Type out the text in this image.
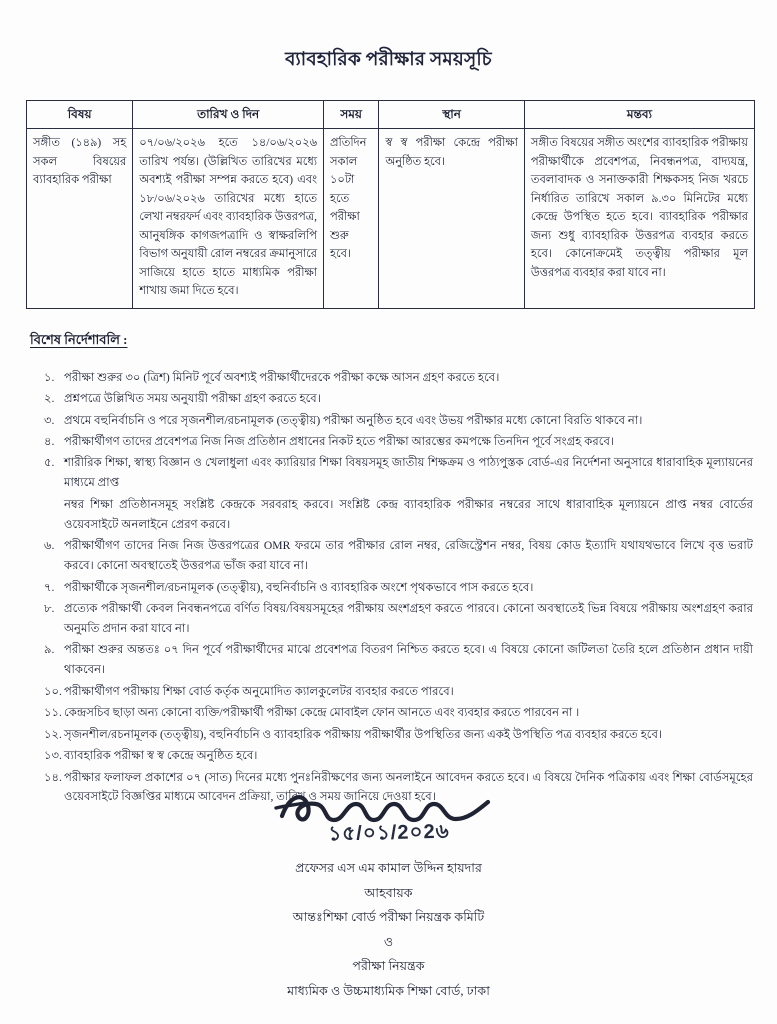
ব্যাবহারিক পরীক্ষার সময়সূচি
বিষয়	তারিখ ও দিন	সময়	স্থান	মন্তব্য
সঙ্গীত (১৪৯) সহ সকল বিষয়ের ব্যাবহারিক পরীক্ষা	০৭/০৬/২০২৬ হতে ১৪/০৬/২০২৬ তারিখ পর্যন্ত। (উল্লিখিত তারিখের মধ্যে অবশ্যই পরীক্ষা সম্পন্ন করতে হবে) এবং ১৮/০৬/২০২৬ তারিখের মধ্যে হাতে লেখা নম্বরফর্দ এবং ব্যাবহারিক উত্তরপত্র, আনুষঙ্গিক কাগজপত্রাদি ও স্বাক্ষরলিপি বিভাগ অনুযায়ী রোল নম্বরের ক্রমানুসারে সাজিয়ে হাতে হাতে মাধ্যমিক পরীক্ষা শাখায় জমা দিতে হবে।	প্রতিদিন সকাল ১০টা হতে পরীক্ষা শুরু হবে।	স্ব স্ব পরীক্ষা কেন্দ্রে পরীক্ষা অনুষ্ঠিত হবে।	সঙ্গীত বিষয়ের সঙ্গীত অংশের ব্যাবহারিক পরীক্ষায় পরীক্ষার্থীকে প্রবেশপত্র, নিবন্ধনপত্র, বাদ্যযন্ত্র, তবলাবাদক ও সনাক্তকারী শিক্ষকসহ নিজ খরচে নির্ধারিত তারিখে সকাল ৯.৩০ মিনিটের মধ্যে কেন্দ্রে উপস্থিত হতে হবে। ব্যাবহারিক পরীক্ষার জন্য শুধু ব্যাবহারিক উত্তরপত্র ব্যবহার করতে হবে। কোনোক্রমেই তত্ত্বীয় পরীক্ষার মূল উত্তরপত্র ব্যবহার করা যাবে না।
বিশেষ নির্দেশাবলি :
১. পরীক্ষা শুরুর ৩০ (ত্রিশ) মিনিট পূর্বে অবশ্যই পরীক্ষার্থীদেরকে পরীক্ষা কক্ষে আসন গ্রহণ করতে হবে।
২. প্রশ্নপত্রে উল্লিখিত সময় অনুযায়ী পরীক্ষা গ্রহণ করতে হবে।
৩. প্রথমে বহুনির্বাচনি ও পরে সৃজনশীল/রচনামূলক (তত্ত্বীয়) পরীক্ষা অনুষ্ঠিত হবে এবং উভয় পরীক্ষার মধ্যে কোনো বিরতি থাকবে না।
৪. পরীক্ষার্থীগণ তাদের প্রবেশপত্র নিজ নিজ প্রতিষ্ঠান প্রধানের নিকট হতে পরীক্ষা আরম্ভের কমপক্ষে তিনদিন পূর্বে সংগ্রহ করবে।
৫. শারীরিক শিক্ষা, স্বাস্থ্য বিজ্ঞান ও খেলাধুলা এবং ক্যারিয়ার শিক্ষা বিষয়সমূহ জাতীয় শিক্ষক্রম ও পাঠ্যপুস্তক বোর্ড-এর নির্দেশনা অনুসারে ধারাবাহিক মূল্যায়নের মাধ্যমে প্রাপ্ত
নম্বর শিক্ষা প্রতিষ্ঠানসমূহ সংশ্লিষ্ট কেন্দ্রকে সরবরাহ করবে। সংশ্লিষ্ট কেন্দ্র ব্যাবহারিক পরীক্ষার নম্বরের সাথে ধারাবাহিক মূল্যায়নে প্রাপ্ত নম্বর বোর্ডের ওয়েবসাইটে অনলাইনে প্রেরণ করবে।
৬. পরীক্ষার্থীগণ তাদের নিজ নিজ উত্তরপত্রের OMR ফরমে তার পরীক্ষার রোল নম্বর, রেজিস্ট্রেশন নম্বর, বিষয় কোড ইত্যাদি যথাযথভাবে লিখে বৃত্ত ভরাট করবে। কোনো অবস্থাতেই উত্তরপত্র ভাঁজ করা যাবে না।
৭. পরীক্ষার্থীকে সৃজনশীল/রচনামূলক (তত্ত্বীয়), বহুনির্বাচনি ও ব্যাবহারিক অংশে পৃথকভাবে পাস করতে হবে।
৮. প্রত্যেক পরীক্ষার্থী কেবল নিবন্ধনপত্রে বর্ণিত বিষয়/বিষয়সমূহের পরীক্ষায় অংশগ্রহণ করতে পারবে। কোনো অবস্থাতেই ভিন্ন বিষয়ে পরীক্ষায় অংশগ্রহণ করার অনুমতি প্রদান করা যাবে না।
৯. পরীক্ষা শুরুর অন্ততঃ ০৭ দিন পূর্বে পরীক্ষার্থীদের মাঝে প্রবেশপত্র বিতরণ নিশ্চিত করতে হবে। এ বিষয়ে কোনো জটিলতা তৈরি হলে প্রতিষ্ঠান প্রধান দায়ী থাকবেন।
১০. পরীক্ষার্থীগণ পরীক্ষায় শিক্ষা বোর্ড কর্তৃক অনুমোদিত ক্যালকুলেটর ব্যবহার করতে পারবে।
১১. কেন্দ্রসচিব ছাড়া অন্য কোনো ব্যক্তি/পরীক্ষার্থী পরীক্ষা কেন্দ্রে মোবাইল ফোন আনতে এবং ব্যবহার করতে পারবেন না ।
১২. সৃজনশীল/রচনামূলক (তত্ত্বীয়), বহুনির্বাচনি ও ব্যাবহারিক পরীক্ষায় পরীক্ষার্থীর উপস্থিতির জন্য একই উপস্থিতি পত্র ব্যবহার করতে হবে।
১৩. ব্যাবহারিক পরীক্ষা স্ব স্ব কেন্দ্রে অনুষ্ঠিত হবে।
১৪. পরীক্ষার ফলাফল প্রকাশের ০৭ (সাত) দিনের মধ্যে পুনঃনিরীক্ষণের জন্য অনলাইনে আবেদন করতে হবে। এ বিষয়ে দৈনিক পত্রিকায় এবং শিক্ষা বোর্ডসমূহের ওয়েবসাইটে বিজ্ঞপ্তির মাধ্যমে আবেদন প্রক্রিয়া, তারিখ ও সময় জানিয়ে দেওয়া হবে।
১৫/০১/2০2৬
প্রফেসর এস এম কামাল উদ্দিন হায়দার
আহবায়ক
আন্তঃশিক্ষা বোর্ড পরীক্ষা নিয়ন্ত্রক কমিটি
ও
পরীক্ষা নিয়ন্ত্রক
মাধ্যমিক ও উচ্চমাধ্যমিক শিক্ষা বোর্ড, ঢাকা
